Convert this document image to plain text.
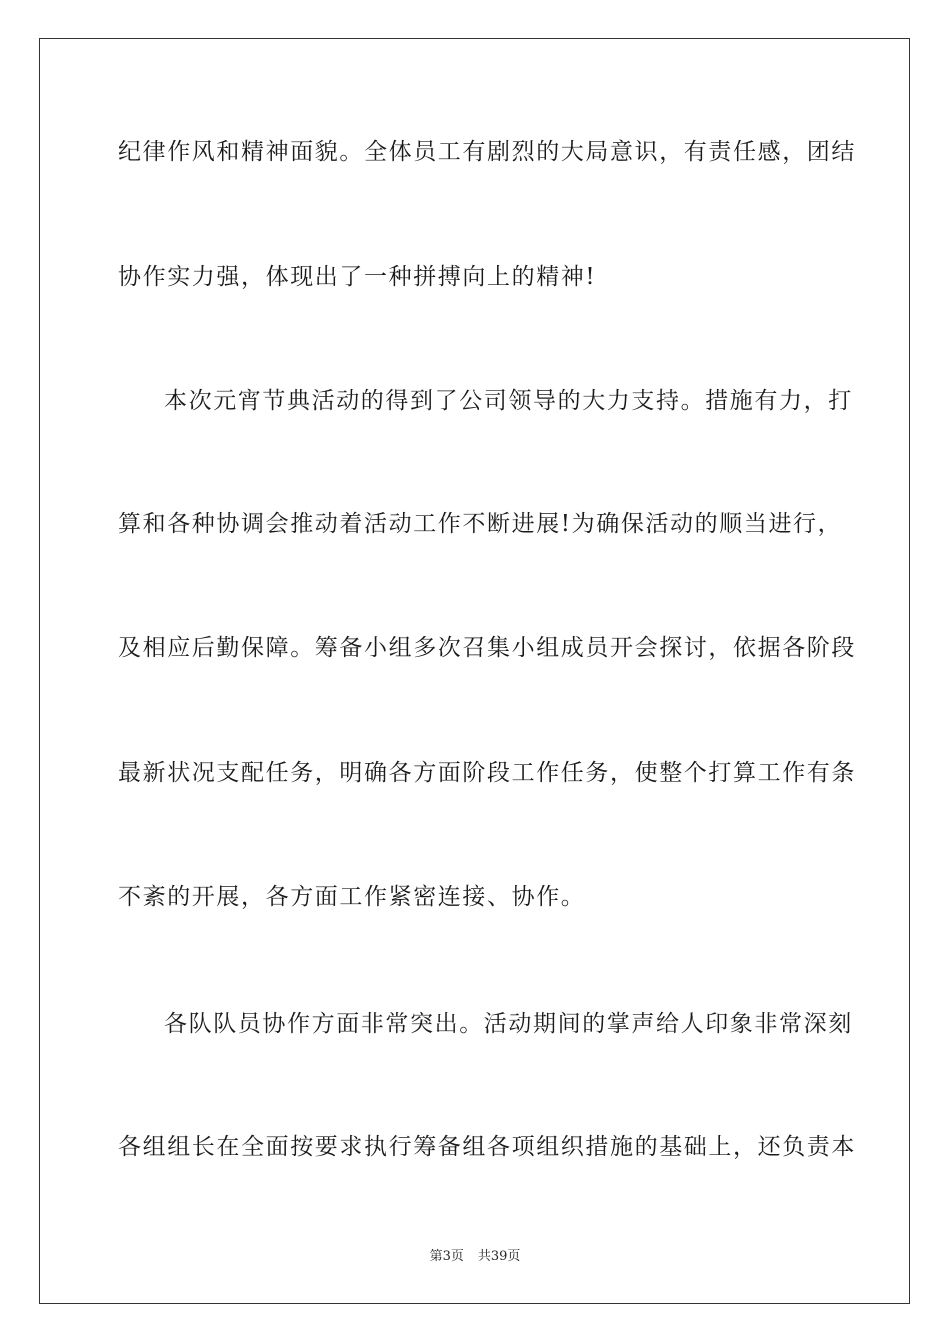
纪律作风和精神面貌。全体员工有剧烈的大局意识，有责任感，团结
协作实力强，体现出了一种拼搏向上的精神!
本次元宵节典活动的得到了公司领导的大力支持。措施有力，打
算和各种协调会推动着活动工作不断进展!为确保活动的顺当进行，
及相应后勤保障。筹备小组多次召集小组成员开会探讨，依据各阶段
最新状况支配任务，明确各方面阶段工作任务，使整个打算工作有条
不紊的开展，各方面工作紧密连接、协作。
各队队员协作方面非常突出。活动期间的掌声给人印象非常深刻
各组组长在全面按要求执行筹备组各项组织措施的基础上，还负责本
第3页 共39页
